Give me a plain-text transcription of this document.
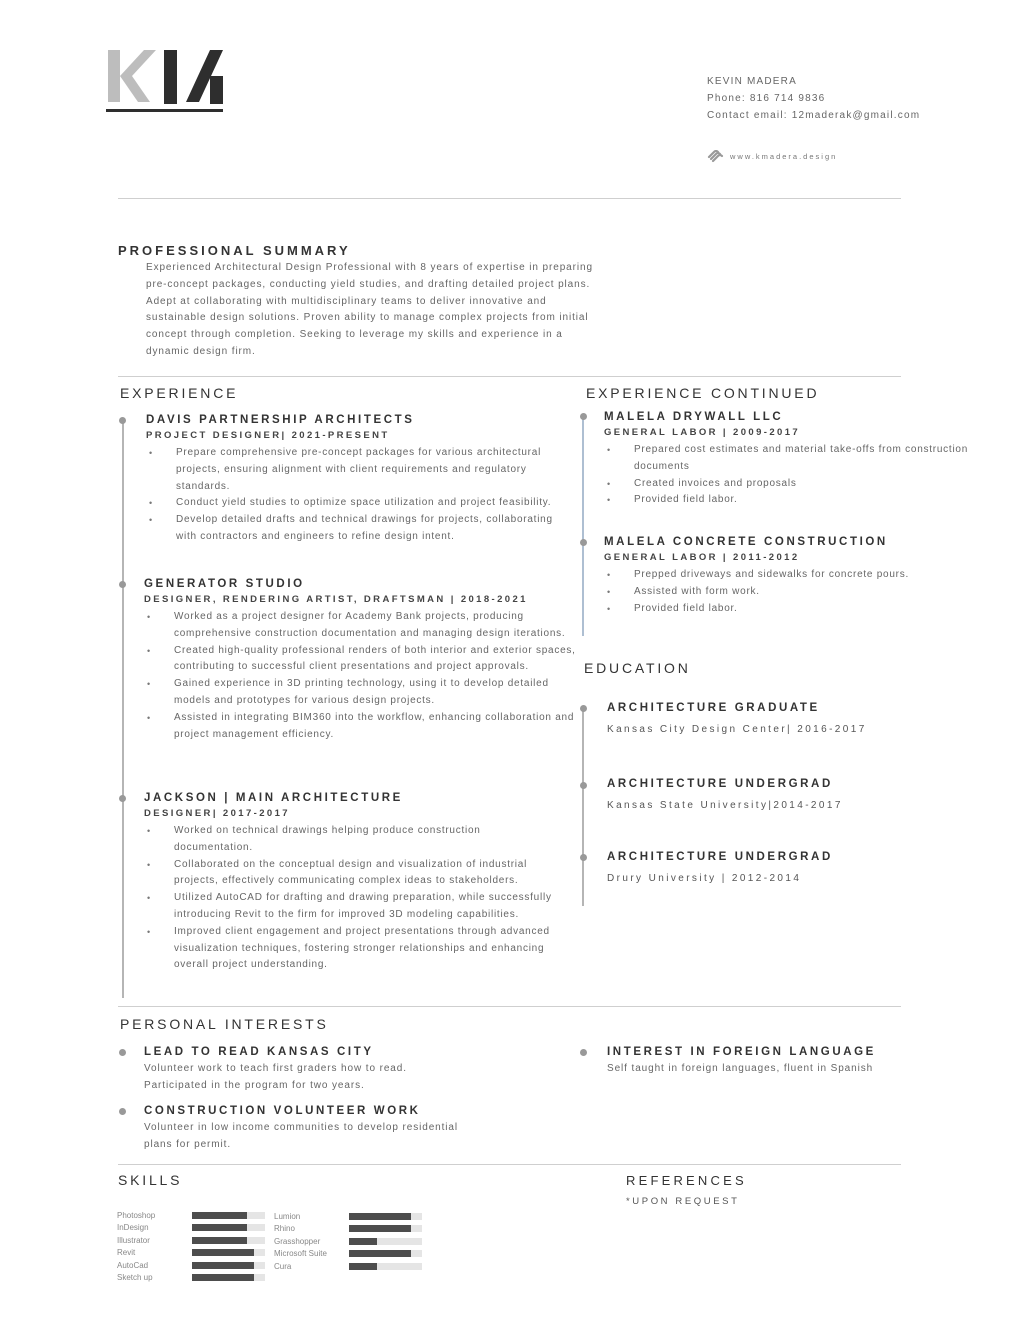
KEVIN MADERA
Phone: 816 714 9836
Contact email: 12maderak@gmail.com
www.kmadera.design
PROFESSIONAL SUMMARY
Experienced Architectural Design Professional with 8 years of expertise in preparing
pre-concept packages, conducting yield studies, and drafting detailed project plans.
Adept at collaborating with multidisciplinary teams to deliver innovative and
sustainable design solutions. Proven ability to manage complex projects from initial
concept through completion. Seeking to leverage my skills and experience in a
dynamic design firm.
EXPERIENCE
DAVIS PARTNERSHIP ARCHITECTS
PROJECT DESIGNER| 2021-PRESENT
• Prepare comprehensive pre-concept packages for various architectural projects, ensuring alignment with client requirements and regulatory standards.
• Conduct yield studies to optimize space utilization and project feasibility.
• Develop detailed drafts and technical drawings for projects, collaborating with contractors and engineers to refine design intent.
GENERATOR STUDIO
DESIGNER, RENDERING ARTIST, DRAFTSMAN | 2018-2021
• Worked as a project designer for Academy Bank projects, producing comprehensive construction documentation and managing design iterations.
• Created high-quality professional renders of both interior and exterior spaces, contributing to successful client presentations and project approvals.
• Gained experience in 3D printing technology, using it to develop detailed models and prototypes for various design projects.
• Assisted in integrating BIM360 into the workflow, enhancing collaboration and project management efficiency.
JACKSON | MAIN ARCHITECTURE
DESIGNER| 2017-2017
• Worked on technical drawings helping produce construction documentation.
• Collaborated on the conceptual design and visualization of industrial projects, effectively communicating complex ideas to stakeholders.
• Utilized AutoCAD for drafting and drawing preparation, while successfully introducing Revit to the firm for improved 3D modeling capabilities.
• Improved client engagement and project presentations through advanced visualization techniques, fostering stronger relationships and enhancing overall project understanding.
EXPERIENCE CONTINUED
MALELA DRYWALL LLC
GENERAL LABOR | 2009-2017
• Prepared cost estimates and material take-offs from construction documents
• Created invoices and proposals
• Provided field labor.
MALELA CONCRETE CONSTRUCTION
GENERAL LABOR | 2011-2012
• Prepped driveways and sidewalks for concrete pours.
• Assisted with form work.
• Provided field labor.
EDUCATION
ARCHITECTURE GRADUATE
Kansas City Design Center| 2016-2017
ARCHITECTURE UNDERGRAD
Kansas State University|2014-2017
ARCHITECTURE UNDERGRAD
Drury University | 2012-2014
PERSONAL INTERESTS
LEAD TO READ KANSAS CITY
Volunteer work to teach first graders how to read. Participated in the program for two years.
CONSTRUCTION VOLUNTEER WORK
Volunteer in low income communities to develop residential plans for permit.
INTEREST IN FOREIGN LANGUAGE
Self taught in foreign languages, fluent in Spanish
SKILLS
Photoshop
InDesign
Illustrator
Revit
AutoCad
Sketch up
Lumion
Rhino
Grasshopper
Microsoft Suite
Cura
REFERENCES
*UPON REQUEST
